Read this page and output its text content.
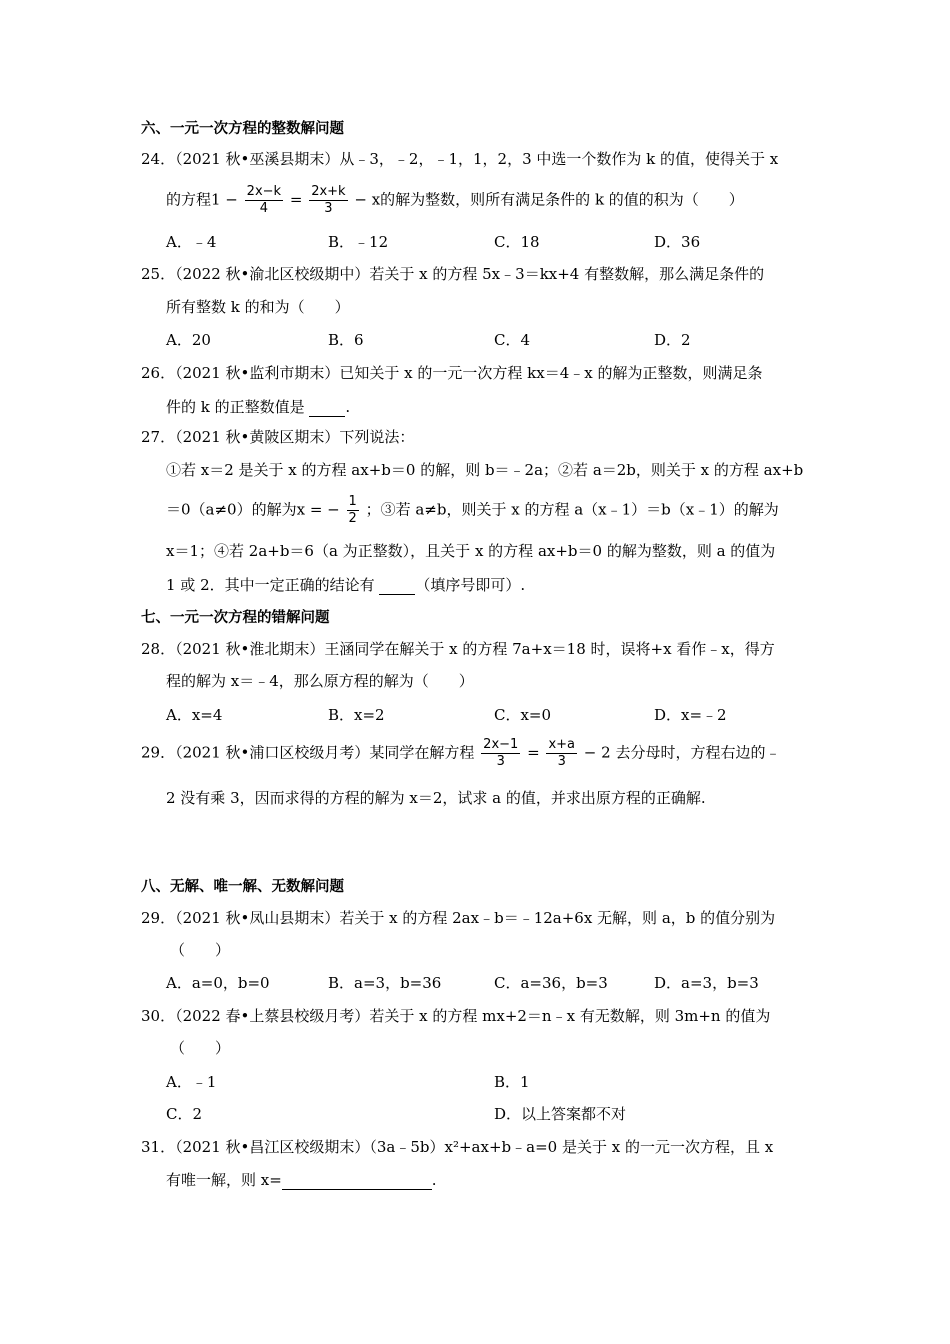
六、一元一次方程的整数解问题
24．（2021 秋•巫溪县期末）从﹣3，﹣2，﹣1，1，2，3 中选一个数作为 k 的值，使得关于 x
的方程$1 - \frac{2x-k}{4} = \frac{2x+k}{3} - x$的解为整数，则所有满足条件的 k 的值的积为（　　）
A．﹣4	B．﹣12	C．18	D．36
25．（2022 秋•渝北区校级期中）若关于 x 的方程 5x﹣3＝kx+4 有整数解，那么满足条件的
所有整数 k 的和为（　　）
A．20	B．6	C．4	D．2
26．（2021 秋•监利市期末）已知关于 x 的一元一次方程 kx＝4﹣x 的解为正整数，则满足条
件的 k 的正整数值是	.
27．（2021 秋•黄陂区期末）下列说法：
①若 x＝2 是关于 x 的方程 ax+b＝0 的解，则 b＝﹣2a；②若 a＝2b，则关于 x 的方程 ax+b
＝0（a≠0）的解为x = − $\frac{1}{2}$ ；③若 a≠b，则关于 x 的方程 a（x﹣1）＝b（x﹣1）的解为
x＝1；④若 2a+b＝6（a 为正整数），且关于 x 的方程 ax+b＝0 的解为整数，则 a 的值为
1 或 2．其中一定正确的结论有	（填序号即可）.
七、一元一次方程的错解问题
28．（2021 秋•淮北期末）王涵同学在解关于 x 的方程 7a+x＝18 时，误将+x 看作﹣x，得方
程的解为 x＝﹣4，那么原方程的解为（　　）
A．x=4	B．x=2	C．x=0	D．x=﹣2
29．（2021 秋•浦口区校级月考）某同学在解方程 $\frac{2x-1}{3} = \frac{x+a}{3} - 2$ 去分母时，方程右边的﹣
2 没有乘 3，因而求得的方程的解为 x＝2，试求 a 的值，并求出原方程的正确解.
八、无解、唯一解、无数解问题
29．（2021 秋•凤山县期末）若关于 x 的方程 2ax﹣b＝﹣12a+6x 无解，则 a，b 的值分别为
（　　）
A．a=0，b=0	B．a=3，b=36	C．a=36，b=3	D．a=3，b=3
30．（2022 春•上蔡县校级月考）若关于 x 的方程 mx+2＝n﹣x 有无数解，则 3m+n 的值为
（　　）
A．﹣1	B．1
C．2	D．以上答案都不对
31．（2021 秋•昌江区校级期末）（3a﹣5b）x²+ax+b﹣a=0 是关于 x 的一元一次方程，且 x
有唯一解，则 x=	.
